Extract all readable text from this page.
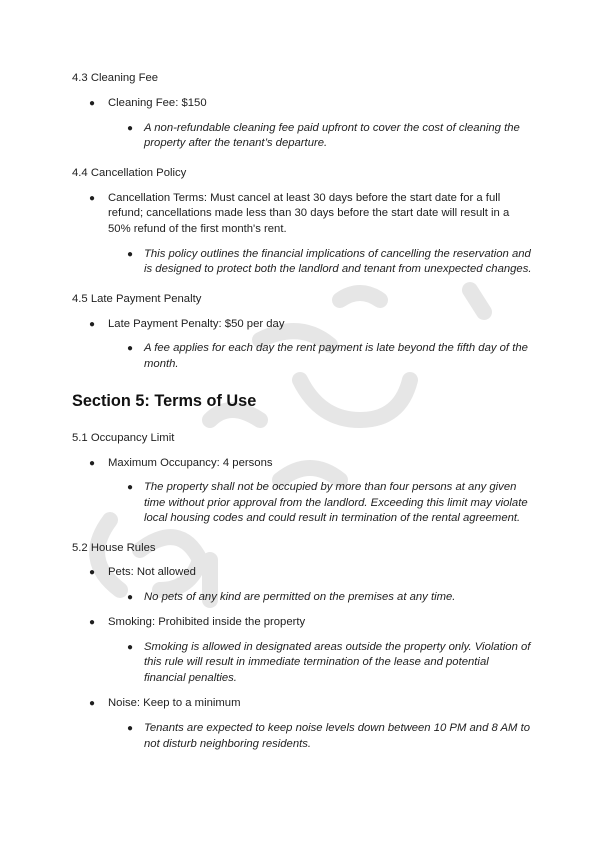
4.3 Cleaning Fee

● Cleaning Fee: $150

● A non-refundable cleaning fee paid upfront to cover the cost of cleaning the property after the tenant’s departure.

4.4 Cancellation Policy

● Cancellation Terms: Must cancel at least 30 days before the start date for a full refund; cancellations made less than 30 days before the start date will result in a 50% refund of the first month's rent.

● This policy outlines the financial implications of cancelling the reservation and is designed to protect both the landlord and tenant from unexpected changes.

4.5 Late Payment Penalty

● Late Payment Penalty: $50 per day

● A fee applies for each day the rent payment is late beyond the fifth day of the month.

Section 5: Terms of Use

5.1 Occupancy Limit

● Maximum Occupancy: 4 persons

● The property shall not be occupied by more than four persons at any given time without prior approval from the landlord. Exceeding this limit may violate local housing codes and could result in termination of the rental agreement.

5.2 House Rules

● Pets: Not allowed

● No pets of any kind are permitted on the premises at any time.

● Smoking: Prohibited inside the property

● Smoking is allowed in designated areas outside the property only. Violation of this rule will result in immediate termination of the lease and potential financial penalties.

● Noise: Keep to a minimum

● Tenants are expected to keep noise levels down between 10 PM and 8 AM to not disturb neighboring residents.
